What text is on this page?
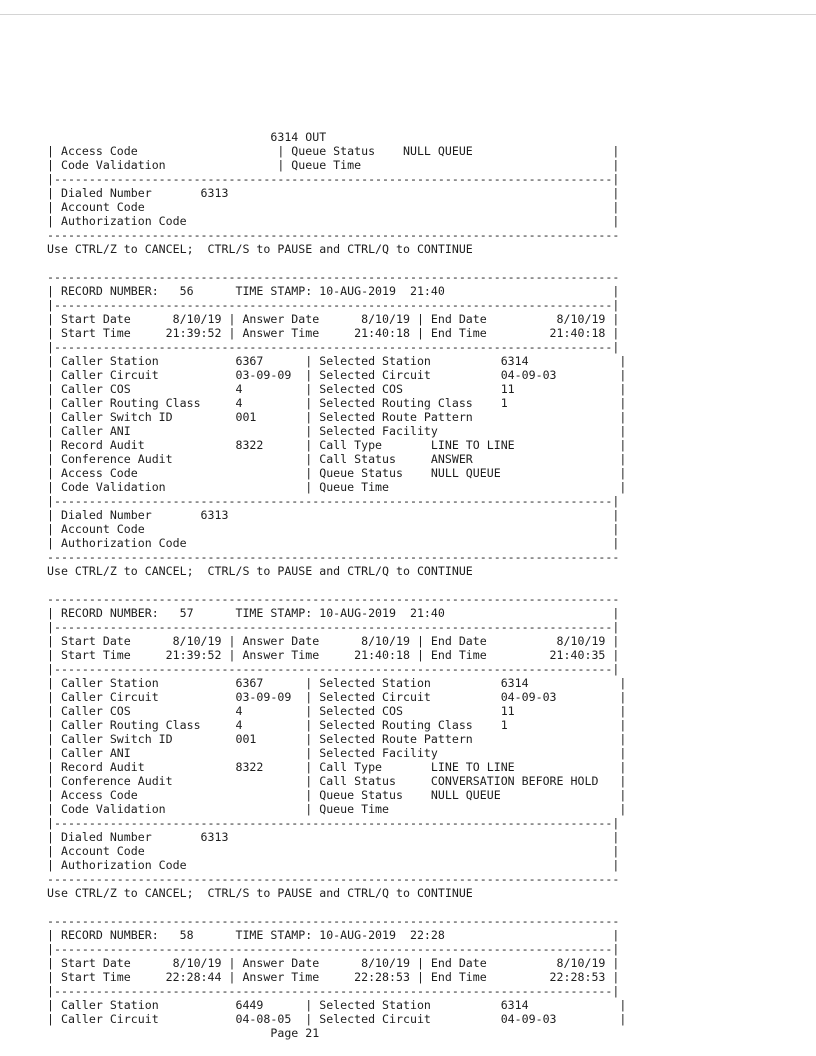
6314 OUT
| Access Code                    | Queue Status    NULL QUEUE                    |
| Code Validation                | Queue Time                                    |
|--------------------------------------------------------------------------------|
| Dialed Number       6313                                                       |
| Account Code                                                                   |
| Authorization Code                                                             |
----------------------------------------------------------------------------------
Use CTRL/Z to CANCEL;  CTRL/S to PAUSE and CTRL/Q to CONTINUE
----------------------------------------------------------------------------------
| RECORD NUMBER:   56      TIME STAMP: 10-AUG-2019  21:40                        |
|--------------------------------------------------------------------------------|
| Start Date      8/10/19 | Answer Date      8/10/19 | End Date          8/10/19 |
| Start Time     21:39:52 | Answer Time     21:40:18 | End Time         21:40:18 |
|--------------------------------------------------------------------------------|
| Caller Station           6367      | Selected Station          6314             |
| Caller Circuit           03-09-09  | Selected Circuit          04-09-03         |
| Caller COS               4         | Selected COS              11               |
| Caller Routing Class     4         | Selected Routing Class    1                |
| Caller Switch ID         001       | Selected Route Pattern                     |
| Caller ANI                         | Selected Facility                          |
| Record Audit             8322      | Call Type       LINE TO LINE               |
| Conference Audit                   | Call Status     ANSWER                     |
| Access Code                        | Queue Status    NULL QUEUE                 |
| Code Validation                    | Queue Time                                 |
|--------------------------------------------------------------------------------|
| Dialed Number       6313                                                       |
| Account Code                                                                   |
| Authorization Code                                                             |
----------------------------------------------------------------------------------
Use CTRL/Z to CANCEL;  CTRL/S to PAUSE and CTRL/Q to CONTINUE
----------------------------------------------------------------------------------
| RECORD NUMBER:   57      TIME STAMP: 10-AUG-2019  21:40                        |
|--------------------------------------------------------------------------------|
| Start Date      8/10/19 | Answer Date      8/10/19 | End Date          8/10/19 |
| Start Time     21:39:52 | Answer Time     21:40:18 | End Time         21:40:35 |
|--------------------------------------------------------------------------------|
| Caller Station           6367      | Selected Station          6314             |
| Caller Circuit           03-09-09  | Selected Circuit          04-09-03         |
| Caller COS               4         | Selected COS              11               |
| Caller Routing Class     4         | Selected Routing Class    1                |
| Caller Switch ID         001       | Selected Route Pattern                     |
| Caller ANI                         | Selected Facility                          |
| Record Audit             8322      | Call Type       LINE TO LINE               |
| Conference Audit                   | Call Status     CONVERSATION BEFORE HOLD   |
| Access Code                        | Queue Status    NULL QUEUE                 |
| Code Validation                    | Queue Time                                 |
|--------------------------------------------------------------------------------|
| Dialed Number       6313                                                       |
| Account Code                                                                   |
| Authorization Code                                                             |
----------------------------------------------------------------------------------
Use CTRL/Z to CANCEL;  CTRL/S to PAUSE and CTRL/Q to CONTINUE
----------------------------------------------------------------------------------
| RECORD NUMBER:   58      TIME STAMP: 10-AUG-2019  22:28                        |
|--------------------------------------------------------------------------------|
| Start Date      8/10/19 | Answer Date      8/10/19 | End Date          8/10/19 |
| Start Time     22:28:44 | Answer Time     22:28:53 | End Time         22:28:53 |
|--------------------------------------------------------------------------------|
| Caller Station           6449      | Selected Station          6314             |
| Caller Circuit           04-08-05  | Selected Circuit          04-09-03         |
Page 21
